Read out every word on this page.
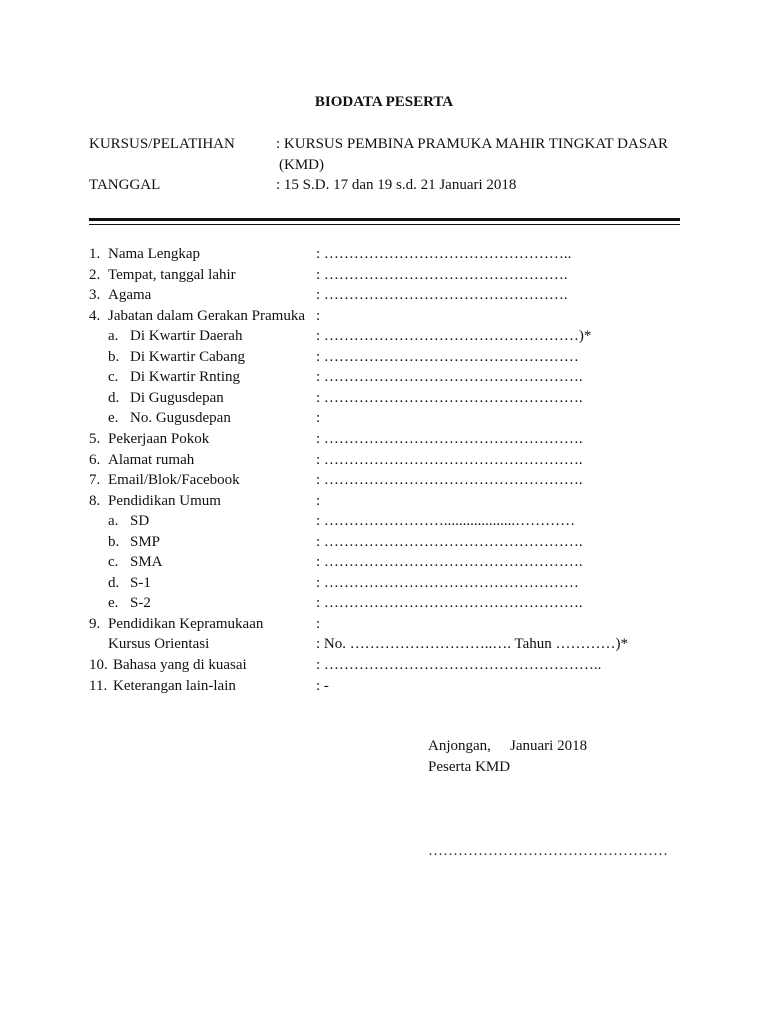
BIODATA PESERTA
KURSUS/PELATIHAN	: KURSUS PEMBINA PRAMUKA MAHIR TINGKAT DASAR
(KMD)
TANGGAL	: 15 S.D. 17 dan 19 s.d. 21 Januari 2018
1. Nama Lengkap	: …………………………………………..
2. Tempat, tanggal lahir	: ………………………………………….
3. Agama	: ………………………………………….
4. Jabatan dalam Gerakan Pramuka :
a. Di Kwartir Daerah	: ……………………………………………)*
b. Di Kwartir Cabang	: ……………………………………………
c. Di Kwartir Rnting	: …………………………………………….
d. Di Gugusdepan	: …………………………………………….
e. No. Gugusdepan	:
5. Pekerjaan Pokok	: …………………………………………….
6. Alamat rumah	: …………………………………………….
7. Email/Blok/Facebook	: …………………………………………….
8. Pendidikan Umum	:
a. SD	: ……………………...................…………
b. SMP	: …………………………………………….
c. SMA	: …………………………………………….
d. S-1	: ……………………………………………
e. S-2	: …………………………………………….
9. Pendidikan Kepramukaan	:
Kursus Orientasi	: No. ………………………..…. Tahun …………)*
10. Bahasa yang di kuasai	: ………………………………………………..
11. Keterangan lain-lain	: -
Anjongan, Januari 2018
Peserta KMD
…………………………………………
